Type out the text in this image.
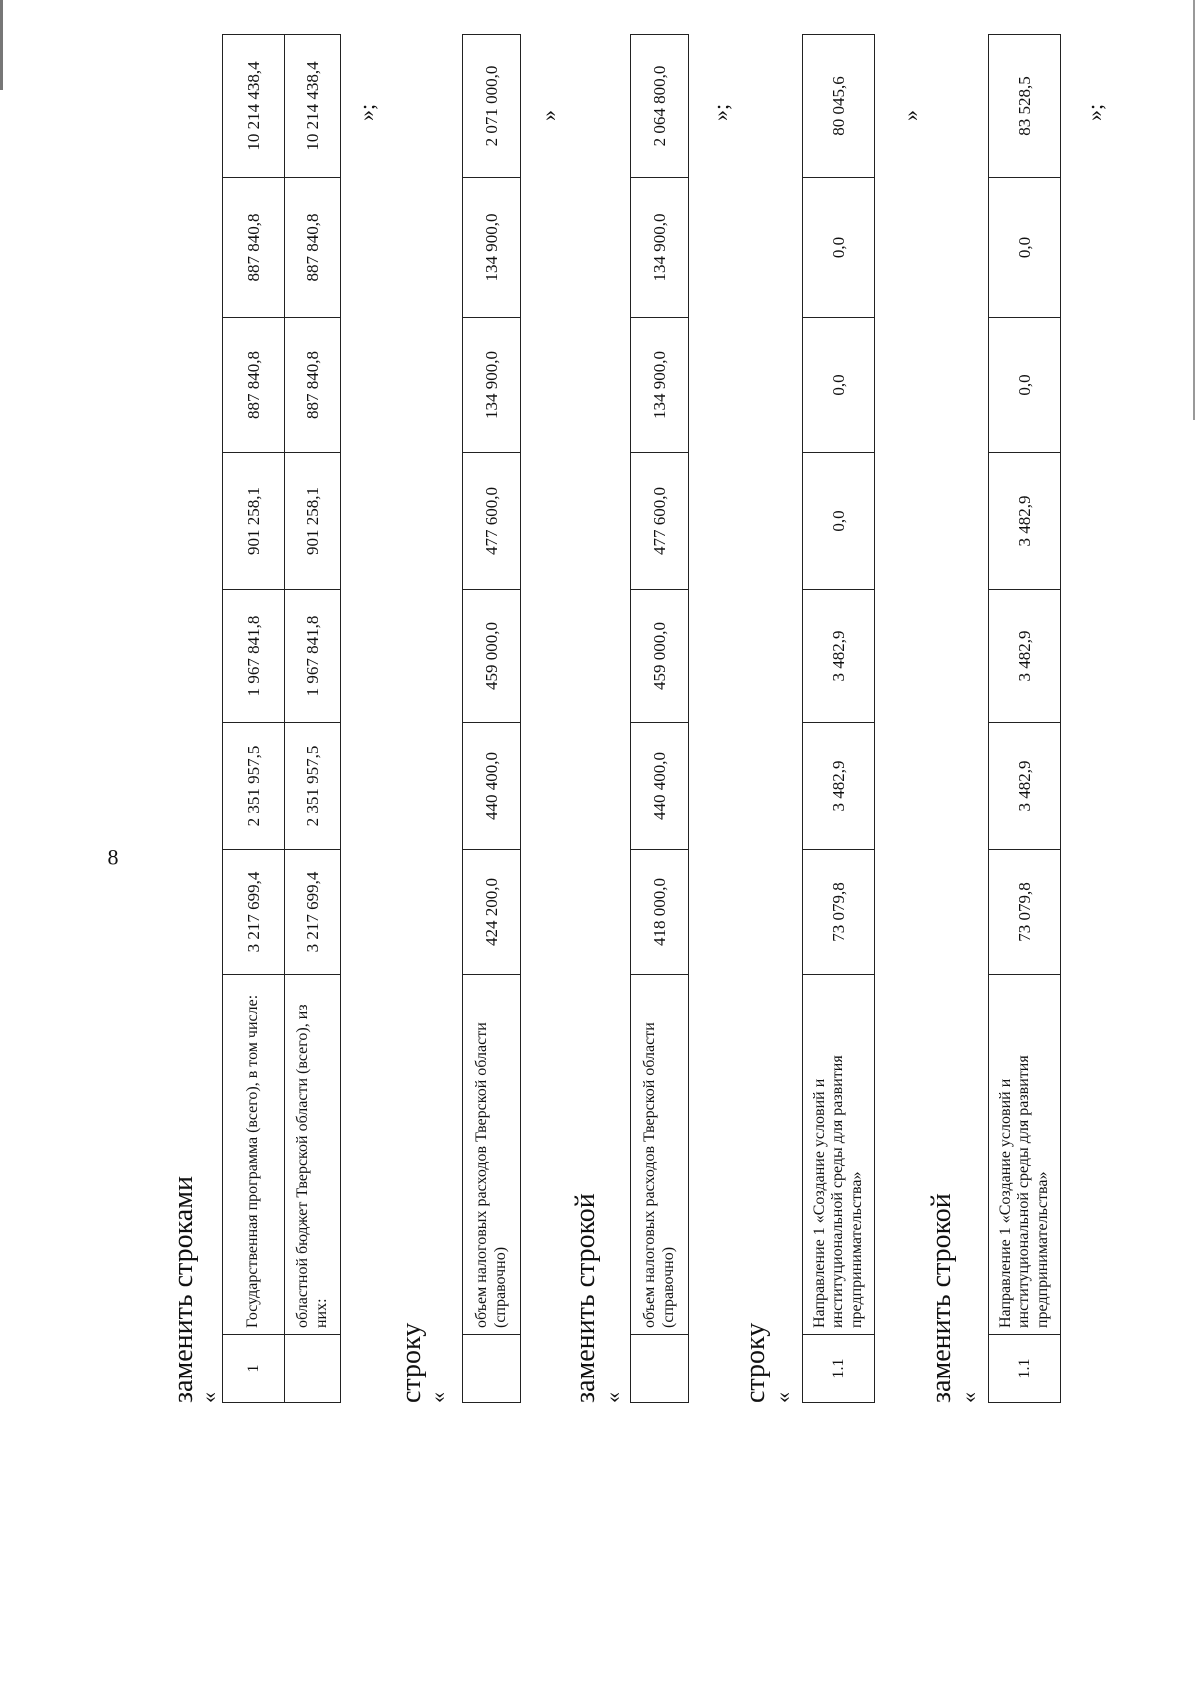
8
заменить строками
«
1	Государственная программа (всего), в том числе:	3 217 699,4	2 351 957,5	1 967 841,8	901 258,1	887 840,8	887 840,8	10 214 438,4
	областной бюджет Тверской области (всего), из них:	3 217 699,4	2 351 957,5	1 967 841,8	901 258,1	887 840,8	887 840,8	10 214 438,4 »;
строку
«
	объем налоговых расходов Тверской области (справочно)	424 200,0	440 400,0	459 000,0	477 600,0	134 900,0	134 900,0	2 071 000,0 »
заменить строкой «
	объем налоговых расходов Тверской области (справочно)	418 000,0	440 400,0	459 000,0	477 600,0	134 900,0	134 900,0	2 064 800,0 »;
строку «
1.1	Направление 1 «Создание условий и институциональной среды для развития предпринимательства»	73 079,8	3 482,9	3 482,9	0,0	0,0	0,0	80 045,6 »
заменить строкой «
1.1	Направление 1 «Создание условий и институциональной среды для развития предпринимательства»	73 079,8	3 482,9	3 482,9	3 482,9	0,0	0,0	83 528,5 »;
